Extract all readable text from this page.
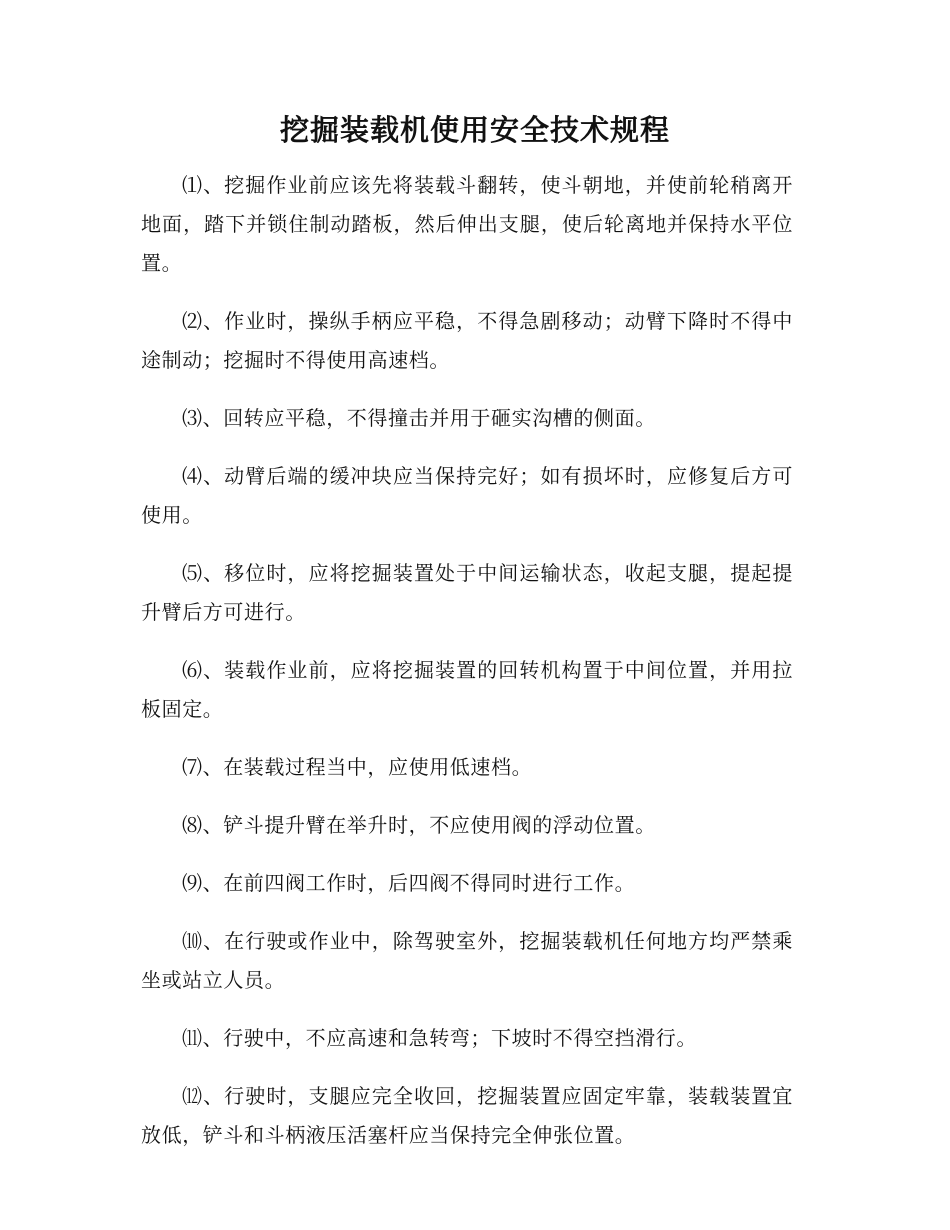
挖掘装载机使用安全技术规程

⑴、挖掘作业前应该先将装载斗翻转，使斗朝地，并使前轮稍离开地面，踏下并锁住制动踏板，然后伸出支腿，使后轮离地并保持水平位置。

⑵、作业时，操纵手柄应平稳，不得急剧移动；动臂下降时不得中途制动；挖掘时不得使用高速档。

⑶、回转应平稳，不得撞击并用于砸实沟槽的侧面。

⑷、动臂后端的缓冲块应当保持完好；如有损坏时，应修复后方可使用。

⑸、移位时，应将挖掘装置处于中间运输状态，收起支腿，提起提升臂后方可进行。

⑹、装载作业前，应将挖掘装置的回转机构置于中间位置，并用拉板固定。

⑺、在装载过程当中，应使用低速档。

⑻、铲斗提升臂在举升时，不应使用阀的浮动位置。

⑼、在前四阀工作时，后四阀不得同时进行工作。

⑽、在行驶或作业中，除驾驶室外，挖掘装载机任何地方均严禁乘坐或站立人员。

⑾、行驶中，不应高速和急转弯；下坡时不得空挡滑行。

⑿、行驶时，支腿应完全收回，挖掘装置应固定牢靠，装载装置宜放低，铲斗和斗柄液压活塞杆应当保持完全伸张位置。
